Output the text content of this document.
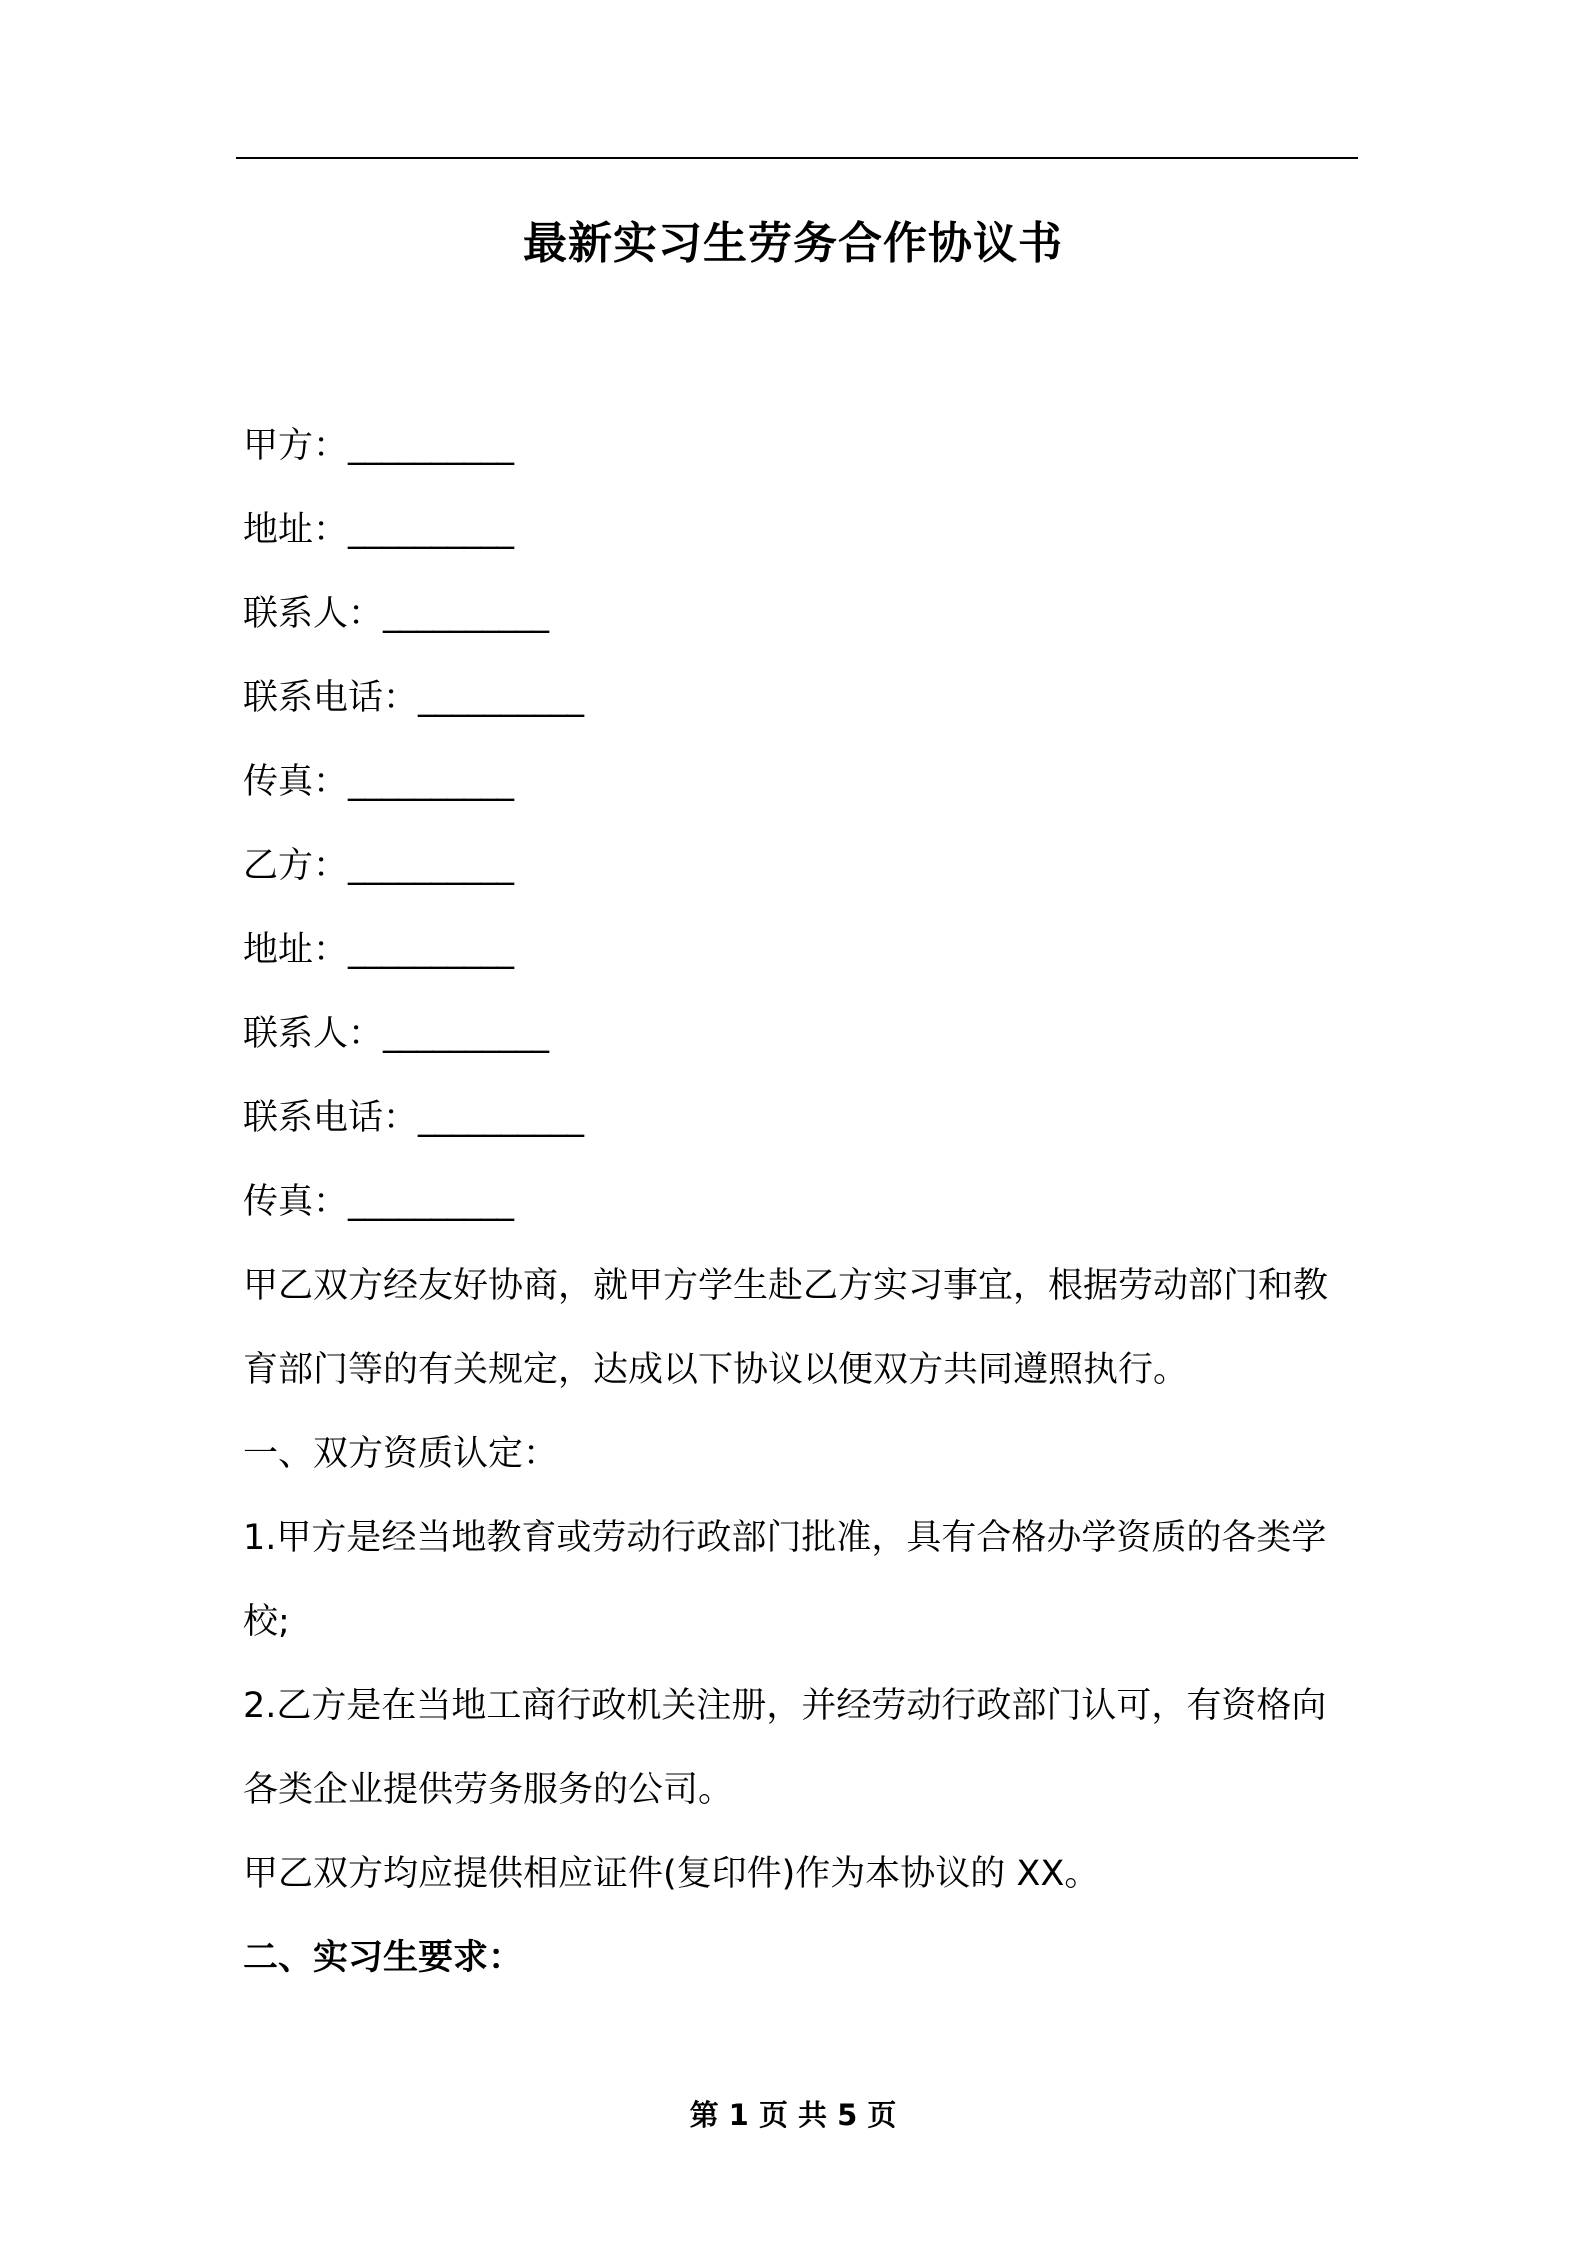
最新实习生劳务合作协议书
甲方：__________
地址：__________
联系人：__________
联系电话：__________
传真：__________
乙方：__________
地址：__________
联系人：__________
联系电话：__________
传真：__________
甲乙双方经友好协商，就甲方学生赴乙方实习事宜，根据劳动部门和教育部门等的有关规定，达成以下协议以便双方共同遵照执行。
一、双方资质认定：
1.甲方是经当地教育或劳动行政部门批准，具有合格办学资质的各类学校;
2.乙方是在当地工商行政机关注册，并经劳动行政部门认可，有资格向各类企业提供劳务服务的公司。
甲乙双方均应提供相应证件(复印件)作为本协议的 XX。
二、实习生要求：
第 1 页 共 5 页
